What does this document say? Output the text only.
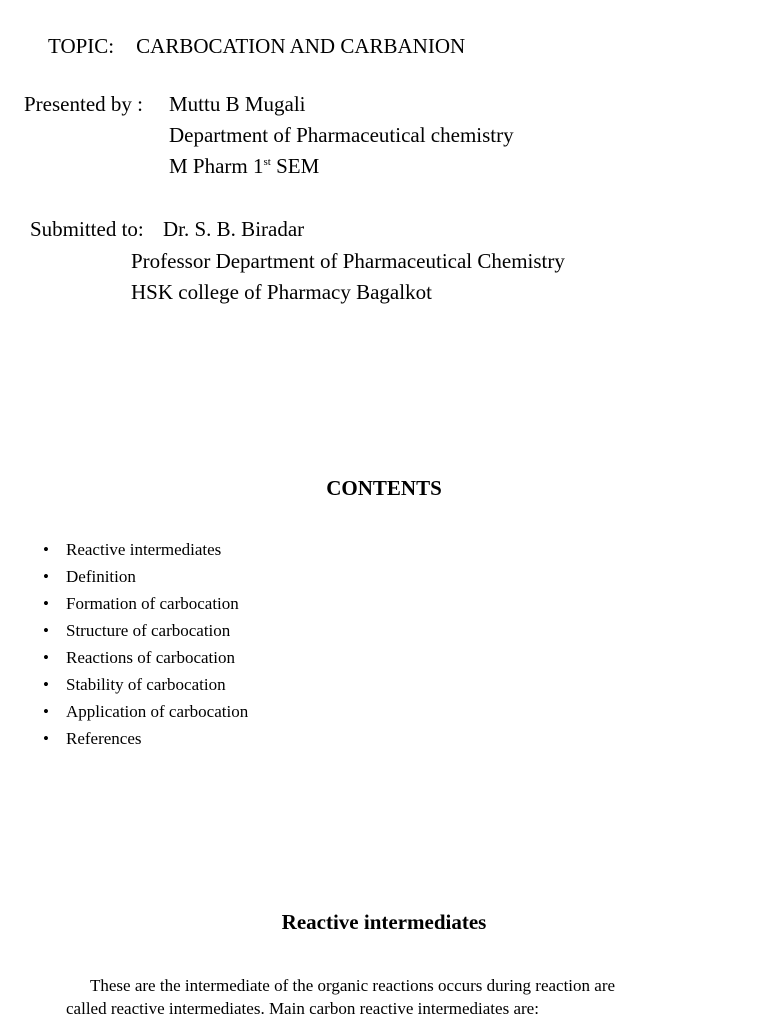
TOPIC: CARBOCATION AND CARBANION
Presented by : Muttu B Mugali
Department of Pharmaceutical chemistry
M Pharm 1st SEM
Submitted to: Dr. S. B. Biradar
Professor Department of Pharmaceutical Chemistry
HSK college of Pharmacy Bagalkot
CONTENTS
• Reactive intermediates
• Definition
• Formation of carbocation
• Structure of carbocation
• Reactions of carbocation
• Stability of carbocation
• Application of carbocation
• References
Reactive intermediates
These are the intermediate of the organic reactions occurs during reaction are
called reactive intermediates. Main carbon reactive intermediates are:
